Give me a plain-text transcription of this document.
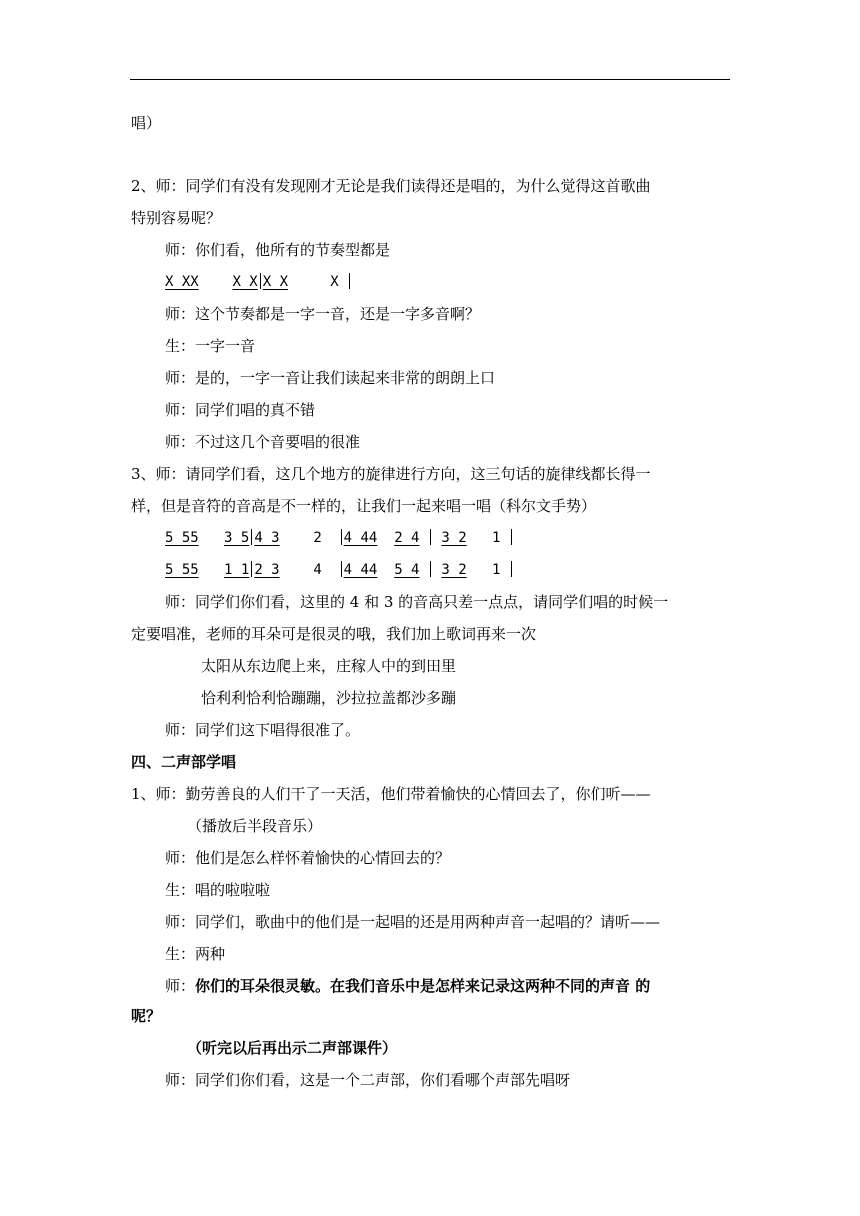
唱）
2、师：同学们有没有发现刚才无论是我们读得还是唱的，为什么觉得这首歌曲
特别容易呢？
师：你们看，他所有的节奏型都是
X XX X X X X	X
师：这个节奏都是一字一音，还是一字多音啊？
生：一字一音
师：是的，一字一音让我们读起来非常的朗朗上口
师：同学们唱的真不错
师：不过这几个音要唱的很准
3、师：请同学们看，这几个地方的旋律进行方向，这三句话的旋律线都长得一
样，但是音符的音高是不一样的，让我们一起来唱一唱（科尔文手势）
5 55 3 5 4 3 2 4 44 2 4 3 2 1
5 55 1 1 2 3 4 4 44 5 4 3 2 1
师：同学们你们看，这里的 4 和 3 的音高只差一点点，请同学们唱的时候一
定要唱准，老师的耳朵可是很灵的哦，我们加上歌词再来一次
太阳从东边爬上来，庄稼人中的到田里
恰利利恰利恰蹦蹦，沙拉拉盖都沙多蹦
师：同学们这下唱得很准了。
四、二声部学唱
1、师：勤劳善良的人们干了一天活，他们带着愉快的心情回去了，你们听——
（播放后半段音乐）
师：他们是怎么样怀着愉快的心情回去的？
生：唱的啦啦啦
师：同学们，歌曲中的他们是一起唱的还是用两种声音一起唱的？请听——
生：两种
师：你们的耳朵很灵敏。在我们音乐中是怎样来记录这两种不同的声音 的
呢？
（听完以后再出示二声部课件）
师：同学们你们看，这是一个二声部，你们看哪个声部先唱呀
